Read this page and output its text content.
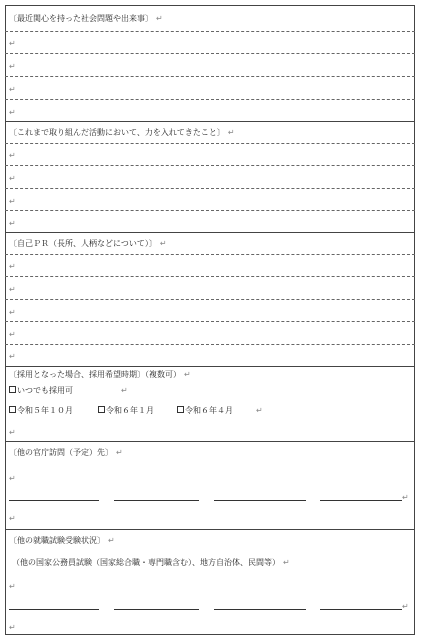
〔最近関心を持った社会問題や出来事〕 ↵
↵
↵
↵
↵
〔これまで取り組んだ活動において、力を入れてきたこと〕 ↵
↵
↵
↵
↵
〔自己ＰＲ（長所、人柄などについて）〕 ↵
↵
↵
↵
↵
↵
〔採用となった場合、採用希望時期〕（複数可） ↵
いつでも採用可	↵
令和５年１０月	令和６年１月	令和６年４月	↵
↵
〔他の官庁訪問（予定）先〕 ↵
↵
↵
↵
〔他の就職試験受験状況〕 ↵
（他の国家公務員試験（国家総合職・専門職含む）、地方自治体、民間等） ↵
↵
↵
↵
